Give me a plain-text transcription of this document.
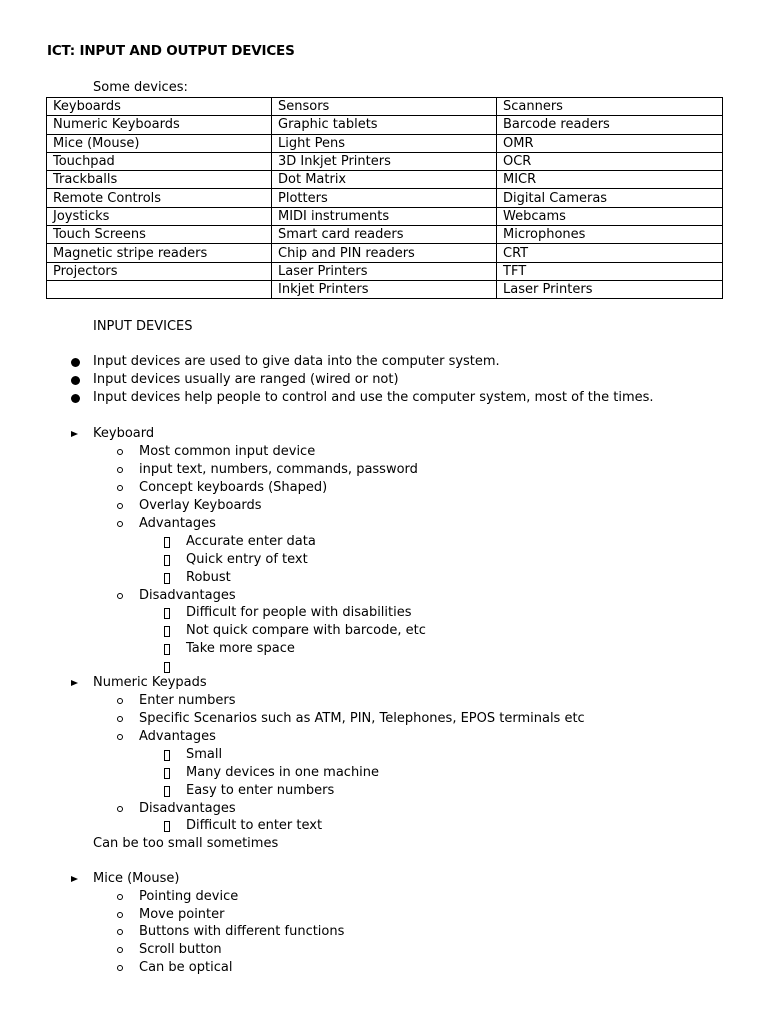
ICT: INPUT AND OUTPUT DEVICES
Some devices:
Keyboards	Sensors	Scanners
Numeric Keyboards	Graphic tablets	Barcode readers
Mice (Mouse)	Light Pens	OMR
Touchpad	3D Inkjet Printers	OCR
Trackballs	Dot Matrix	MICR
Remote Controls	Plotters	Digital Cameras
Joysticks	MIDI instruments	Webcams
Touch Screens	Smart card readers	Microphones
Magnetic stripe readers	Chip and PIN readers	CRT
Projectors	Laser Printers	TFT
	Inkjet Printers	Laser Printers
INPUT DEVICES
Input devices are used to give data into the computer system.
Input devices usually are ranged (wired or not)
Input devices help people to control and use the computer system, most of the times.
Keyboard
Most common input device
input text, numbers, commands, password
Concept keyboards (Shaped)
Overlay Keyboards
Advantages
Accurate enter data
Quick entry of text
Robust
Disadvantages
Difficult for people with disabilities
Not quick compare with barcode, etc
Take more space
Numeric Keypads
Enter numbers
Specific Scenarios such as ATM, PIN, Telephones, EPOS terminals etc
Advantages
Small
Many devices in one machine
Easy to enter numbers
Disadvantages
Difficult to enter text
Can be too small sometimes
Mice (Mouse)
Pointing device
Move pointer
Buttons with different functions
Scroll button
Can be optical
